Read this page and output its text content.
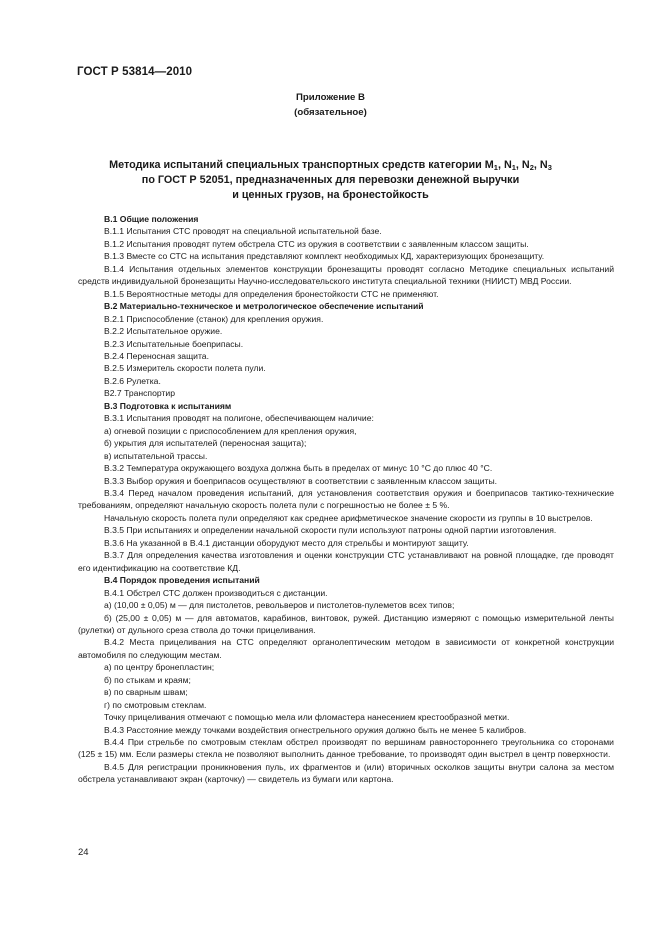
ГОСТ Р 53814—2010
Приложение В
(обязательное)
Методика испытаний специальных транспортных средств категории $М_1$, $N_1$, $N_2$, $N_3$
по ГОСТ Р 52051, предназначенных для перевозки денежной выручки
и ценных грузов, на бронестойкость

В.1 Общие положения

В.1.1 Испытания СТС проводят на специальной испытательной базе.

В.1.2 Испытания проводят путем обстрела СТС из оружия в соответствии с заявленным классом защиты.

В.1.3 Вместе со СТС на испытания представляют комплект необходимых КД, характеризующих бронезащиту.

В.1.4 Испытания отдельных элементов конструкции бронезащиты проводят согласно Методике специальных испытаний средств индивидуальной бронезащиты Научно-исследовательского института специальной техники (НИИСТ) МВД России.

В.1.5 Вероятностные методы для определения бронестойкости СТС не применяют.

В.2 Материально-техническое и метрологическое обеспечение испытаний

В.2.1 Приспособление (станок) для крепления оружия.

В.2.2 Испытательное оружие.

В.2.3 Испытательные боеприпасы.

В.2.4 Переносная защита.

В.2.5 Измеритель скорости полета пули.

В.2.6 Рулетка.

В2.7 Транспортир

В.3 Подготовка к испытаниям

В.3.1 Испытания проводят на полигоне, обеспечивающем наличие:

а) огневой позиции с приспособлением для крепления оружия,

б) укрытия для испытателей (переносная защита);

в) испытательной трассы.

В.3.2 Температура окружающего воздуха должна быть в пределах от минус 10 °С до плюс 40 °С.

В.3.3 Выбор оружия и боеприпасов осуществляют в соответствии с заявленным классом защиты.

В.3.4 Перед началом проведения испытаний, для установления соответствия оружия и боеприпасов тактико-технические требованиям, определяют начальную скорость полета пули с погрешностью не более ± 5 %.

Начальную скорость полета пули определяют как среднее арифметическое значение скорости из группы в 10 выстрелов.

В.3.5 При испытаниях и определении начальной скорости пули используют патроны одной партии изготовления.

В.3.6 На указанной в В.4.1 дистанции оборудуют место для стрельбы и монтируют защиту.

В.3.7 Для определения качества изготовления и оценки конструкции СТС устанавливают на ровной площадке, где проводят его идентификацию на соответствие КД.

В.4 Порядок проведения испытаний

В.4.1 Обстрел СТС должен производиться с дистанции.

а) (10,00 ± 0,05) м — для пистолетов, револьверов и пистолетов-пулеметов всех типов;

б) (25,00 ± 0,05) м — для автоматов, карабинов, винтовок, ружей. Дистанцию измеряют с помощью измерительной ленты (рулетки) от дульного среза ствола до точки прицеливания.

В.4.2 Места прицеливания на СТС определяют органолептическим методом в зависимости от конкретной конструкции автомобиля по следующим местам.

а) по центру бронепластин;

б) по стыкам и краям;

в) по сварным швам;

г) по смотровым стеклам.

Точку прицеливания отмечают с помощью мела или фломастера нанесением крестообразной метки.

В.4.3 Расстояние между точками воздействия огнестрельного оружия должно быть не менее 5 калибров.

В.4.4 При стрельбе по смотровым стеклам обстрел производят по вершинам равностороннего треугольника со сторонами (125 ± 15) мм. Если размеры стекла не позволяют выполнить данное требование, то производят один выстрел в центр поверхности.

В.4.5 Для регистрации проникновения пуль, их фрагментов и (или) вторичных осколков защиты внутри салона за местом обстрела устанавливают экран (карточку) — свидетель из бумаги или картона.

24
